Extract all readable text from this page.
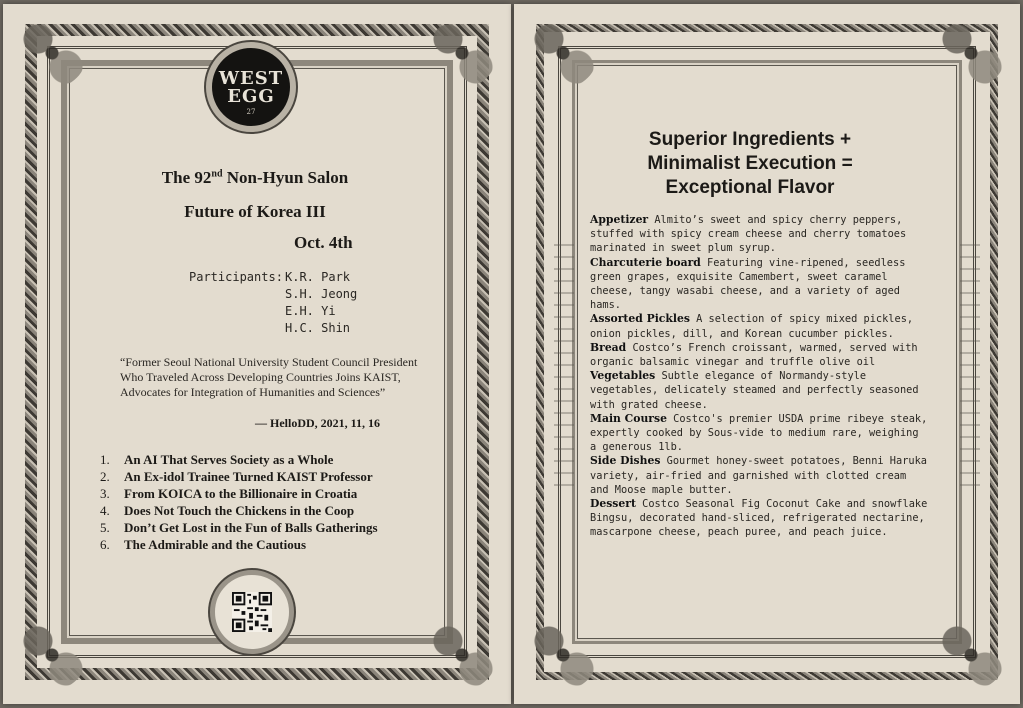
WEST
EGG
27
The 92nd Non-Hyun Salon
Future of Korea III
Oct. 4th
Participants: K.R. Park
S.H. Jeong
E.H. Yi
H.C. Shin
“Former Seoul National University Student Council President Who Traveled Across Developing Countries Joins KAIST, Advocates for Integration of Humanities and Sciences”
— HelloDD, 2021, 11, 16
1. An AI That Serves Society as a Whole
2. An Ex-idol Trainee Turned KAIST Professor
3. From KOICA to the Billionaire in Croatia
4. Does Not Touch the Chickens in the Coop
5. Don’t Get Lost in the Fun of Balls Gatherings
6. The Admirable and the Cautious
Superior Ingredients +
Minimalist Execution =
Exceptional Flavor

Appetizer Almito’s sweet and spicy cherry peppers, stuffed with spicy cream cheese and cherry tomatoes marinated in sweet plum syrup.

Charcuterie board Featuring vine-ripened, seedless green grapes, exquisite Camembert, sweet caramel cheese, tangy wasabi cheese, and a variety of aged hams.

Assorted Pickles A selection of spicy mixed pickles, onion pickles, dill, and Korean cucumber pickles.

Bread Costco’s French croissant, warmed, served with organic balsamic vinegar and truffle olive oil

Vegetables Subtle elegance of Normandy-style vegetables, delicately steamed and perfectly seasoned with grated cheese.

Main Course Costco's premier USDA prime ribeye steak, expertly cooked by Sous-vide to medium rare, weighing a generous 1lb.

Side Dishes Gourmet honey-sweet potatoes, Benni Haruka variety, air-fried and garnished with clotted cream and Moose maple butter.

Dessert Costco Seasonal Fig Coconut Cake and snowflake Bingsu, decorated hand-sliced, refrigerated nectarine, mascarpone cheese, peach puree, and peach juice.
